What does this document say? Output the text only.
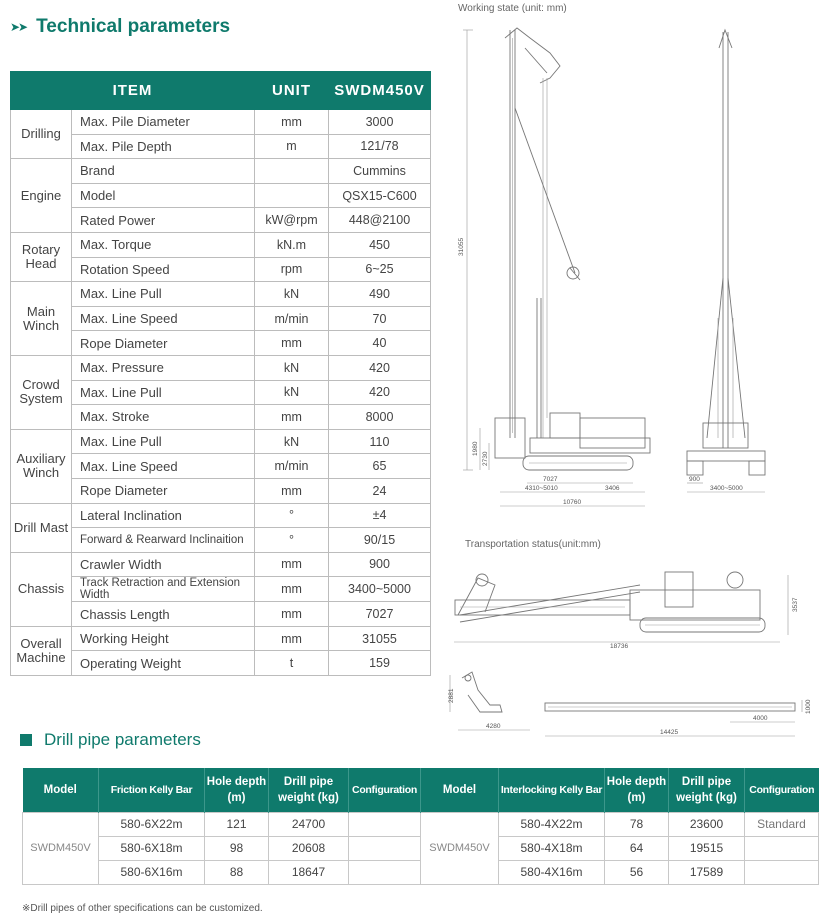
➤➤ Technical parameters
ITEM		UNIT	SWDM450V
Drilling	Max. Pile Diameter	mm	3000
	Max. Pile Depth	m	121/78
Engine	Brand		Cummins
	Model		QSX15-C600
	Rated Power	kW@rpm	448@2100
Rotary Head	Max. Torque	kN.m	450
	Rotation Speed	rpm	6~25
Main Winch	Max. Line Pull	kN	490
	Max. Line Speed	m/min	70
	Rope Diameter	mm	40
Crowd System	Max. Pressure	kN	420
	Max. Line Pull	kN	420
	Max. Stroke	mm	8000
Auxiliary Winch	Max. Line Pull	kN	110
	Max. Line Speed	m/min	65
	Rope Diameter	mm	24
Drill Mast	Lateral Inclination	°	±4
	Forward & Rearward Inclinaition	°	90/15
Chassis	Crawler Width	mm	900
	Track Retraction and Extension Width	mm	3400~5000
	Chassis Length	mm	7027
Overall Machine	Working Height	mm	31055
	Operating Weight	t	159
Working state (unit: mm)
31055
1980
2730
7027
4310~5010	3406
10760
900
3400~5000
Transportation status(unit:mm)
18736
3537
4280
2881
4000
14425
1000
Drill pipe parameters
Model	Friction Kelly Bar	Hole depth (m)	Drill pipe weight (kg)	Configuration	Model	Interlocking Kelly Bar	Hole depth (m)	Drill pipe weight (kg)	Configuration
SWDM450V	580-6X22m	121	24700		SWDM450V	580-4X22m	78	23600	Standard
	580-6X18m	98	20608			580-4X18m	64	19515	
	580-6X16m	88	18647			580-4X16m	56	17589	
※Drill pipes of other specifications can be customized.
